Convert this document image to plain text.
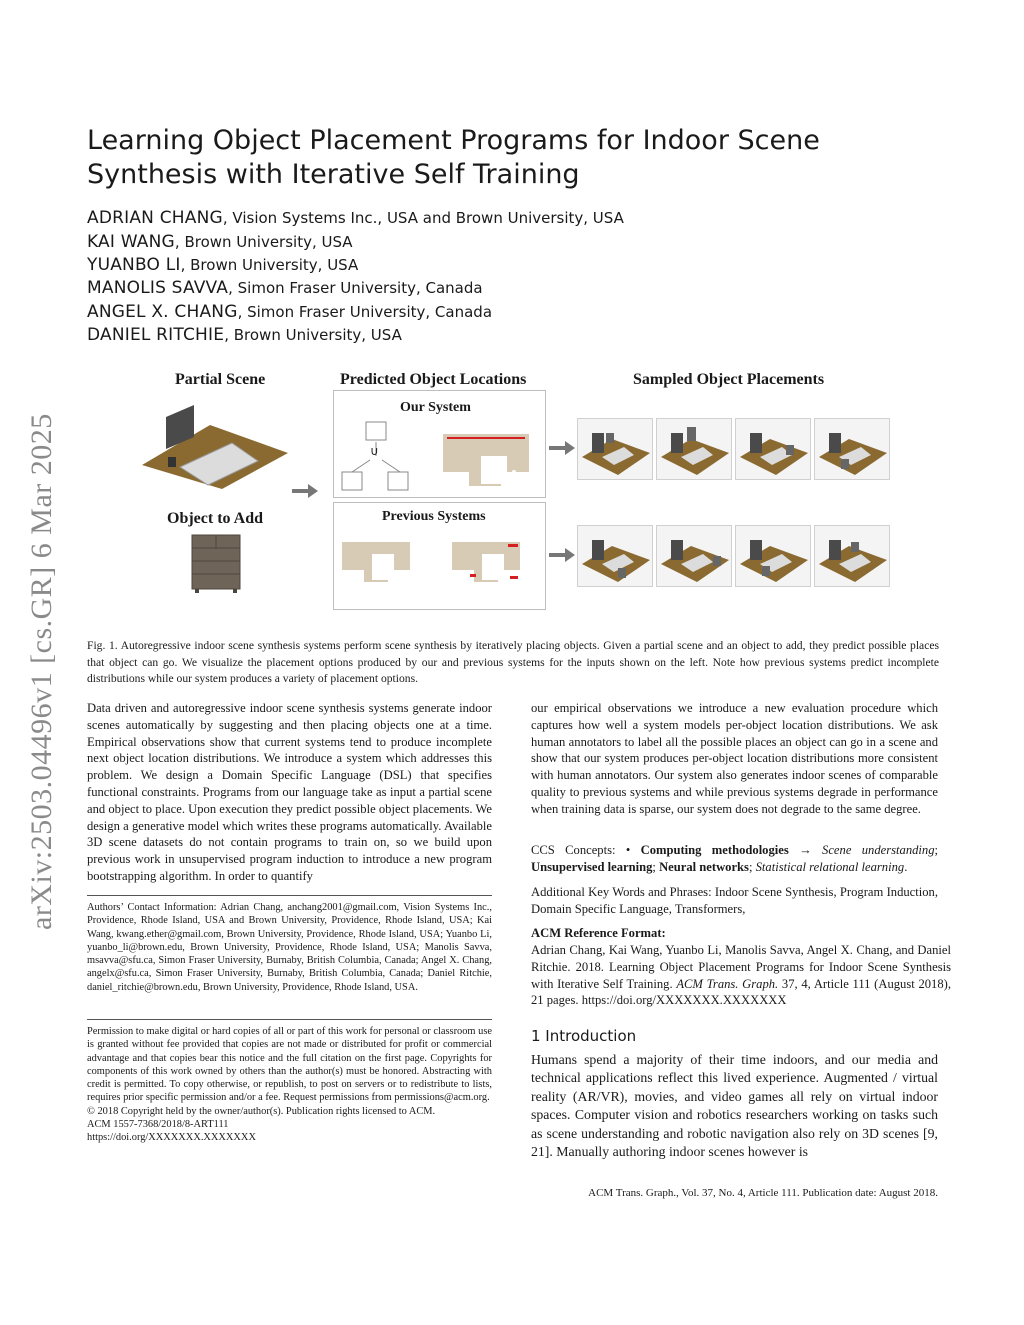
arXiv:2503.04496v1 [cs.GR] 6 Mar 2025
Learning Object Placement Programs for Indoor Scene Synthesis with Iterative Self Training
ADRIAN CHANG, Vision Systems Inc., USA and Brown University, USA
KAI WANG, Brown University, USA
YUANBO LI, Brown University, USA
MANOLIS SAVVA, Simon Fraser University, Canada
ANGEL X. CHANG, Simon Fraser University, Canada
DANIEL RITCHIE, Brown University, USA
Partial Scene	Predicted Object Locations	Sampled Object Placements
Object to Add
Our System
∪
Previous Systems
Fig. 1. Autoregressive indoor scene synthesis systems perform scene synthesis by iteratively placing objects. Given a partial scene and an object to add, they predict possible places that object can go. We visualize the placement options produced by our and previous systems for the inputs shown on the left. Note how previous systems predict incomplete distributions while our system produces a variety of placement options.
Data driven and autoregressive indoor scene synthesis systems generate indoor scenes automatically by suggesting and then placing objects one at a time. Empirical observations show that current systems tend to produce incomplete next object location distributions. We introduce a system which addresses this problem. We design a Domain Specific Language (DSL) that specifies functional constraints. Programs from our language take as input a partial scene and object to place. Upon execution they predict possible object placements. We design a generative model which writes these programs automatically. Available 3D scene datasets do not contain programs to train on, so we build upon previous work in unsupervised program induction to introduce a new program bootstrapping algorithm. In order to quantify
our empirical observations we introduce a new evaluation procedure which captures how well a system models per-object location distributions. We ask human annotators to label all the possible places an object can go in a scene and show that our system produces per-object location distributions more consistent with human annotators. Our system also generates indoor scenes of comparable quality to previous systems and while previous systems degrade in performance when training data is sparse, our system does not degrade to the same degree.
CCS Concepts: • Computing methodologies → Scene understanding; Unsupervised learning; Neural networks; Statistical relational learning.
Additional Key Words and Phrases: Indoor Scene Synthesis, Program Induction, Domain Specific Language, Transformers,
ACM Reference Format:
Adrian Chang, Kai Wang, Yuanbo Li, Manolis Savva, Angel X. Chang, and Daniel Ritchie. 2018. Learning Object Placement Programs for Indoor Scene Synthesis with Iterative Self Training. ACM Trans. Graph. 37, 4, Article 111 (August 2018), 21 pages. https://doi.org/XXXXXXX.XXXXXXX
Authors’ Contact Information: Adrian Chang, anchang2001@gmail.com, Vision Systems Inc., Providence, Rhode Island, USA and Brown University, Providence, Rhode Island, USA; Kai Wang, kwang.ether@gmail.com, Brown University, Providence, Rhode Island, USA; Yuanbo Li, yuanbo_li@brown.edu, Brown University, Providence, Rhode Island, USA; Manolis Savva, msavva@sfu.ca, Simon Fraser University, Burnaby, British Columbia, Canada; Angel X. Chang, angelx@sfu.ca, Simon Fraser University, Burnaby, British Columbia, Canada; Daniel Ritchie, daniel_ritchie@brown.edu, Brown University, Providence, Rhode Island, USA.
Permission to make digital or hard copies of all or part of this work for personal or classroom use is granted without fee provided that copies are not made or distributed for profit or commercial advantage and that copies bear this notice and the full citation on the first page. Copyrights for components of this work owned by others than the author(s) must be honored. Abstracting with credit is permitted. To copy otherwise, or republish, to post on servers or to redistribute to lists, requires prior specific permission and/or a fee. Request permissions from permissions@acm.org.
© 2018 Copyright held by the owner/author(s). Publication rights licensed to ACM.
ACM 1557-7368/2018/8-ART111
https://doi.org/XXXXXXX.XXXXXXX
1 Introduction
Humans spend a majority of their time indoors, and our media and technical applications reflect this lived experience. Augmented / virtual reality (AR/VR), movies, and video games all rely on virtual indoor spaces. Computer vision and robotics researchers working on tasks such as scene understanding and robotic navigation also rely on 3D scenes [9, 21]. Manually authoring indoor scenes however is
ACM Trans. Graph., Vol. 37, No. 4, Article 111. Publication date: August 2018.
